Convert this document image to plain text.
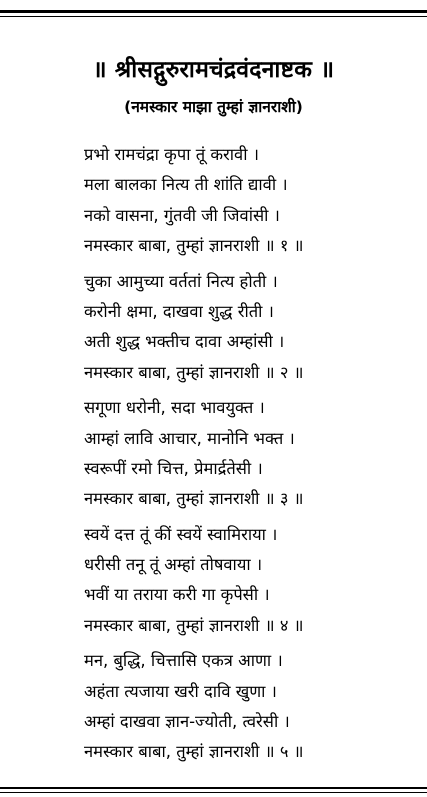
॥ श्रीसद्गुरुरामचंद्रवंदनाष्टक ॥
(नमस्कार माझा तुम्हां ज्ञानराशी)
प्रभो रामचंद्रा कृपा तूं करावी ।
मला बालका नित्य ती शांति द्यावी ।
नको वासना, गुंतवी जी जिवांसी ।
नमस्कार बाबा, तुम्हां ज्ञानराशी ॥ १ ॥
चुका आमुच्या वर्ततां नित्य होती ।
करोनी क्षमा, दाखवा शुद्ध रीती ।
अती शुद्ध भक्तीच दावा अम्हांसी ।
नमस्कार बाबा, तुम्हां ज्ञानराशी ॥ २ ॥
सगूणा धरोनी, सदा भावयुक्त ।
आम्हां लावि आचार, मानोनि भक्त ।
स्वरूपीं रमो चित्त, प्रेमार्द्रतेसी ।
नमस्कार बाबा, तुम्हां ज्ञानराशी ॥ ३ ॥
स्वयें दत्त तूं कीं स्वयें स्वामिराया ।
धरीसी तनू तूं अम्हां तोषवाया ।
भवीं या तराया करी गा कृपेसी ।
नमस्कार बाबा, तुम्हां ज्ञानराशी ॥ ४ ॥
मन, बुद्धि, चित्तासि एकत्र आणा ।
अहंता त्यजाया खरी दावि खुणा ।
अम्हां दाखवा ज्ञान-ज्योती, त्वरेसी ।
नमस्कार बाबा, तुम्हां ज्ञानराशी ॥ ५ ॥
